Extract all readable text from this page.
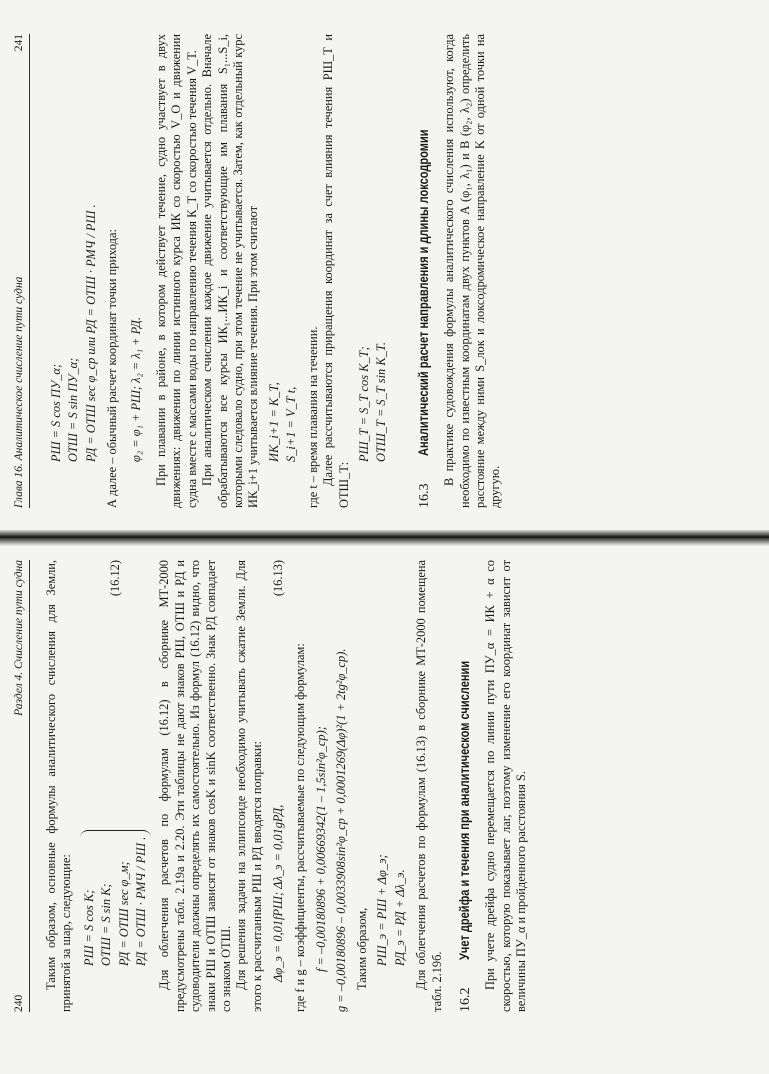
240
Раздел 4. Счисление пути судна Таким образом, основные формулы аналитического счисления для Земли, принятой за шар, следующие: РШ = S cos K; ОТШ = S sin K; РД = ОТШ sec φ_м; РД = ОТШ · РМЧ / РШ .
(16.12)	Для облегчения расчетов по формулам (16.12) в сборнике МТ-2000 предусмотрены табл. 2.19а и 2.20. Эти таблицы не дают знаков РШ, ОТШ и РД и судоводители должны определять их самостоятельно. Из формул (16.12) видно, что знаки РШ и ОТШ зависят от знаков cosK и sinK соответственно. Знак РД совпадает со знаком ОТШ. Для решения задачи на эллипсоиде необходимо учитывать сжатие Земли. Для этого к рассчитанным РШ и РД вводятся поправки: Δφ_э = 0,01fРШ; Δλ_э = 0,01gРД,
(16.13)

где f и g – коэффициенты, рассчитываемые по следующим формулам: f = –0,00180896 + 0,00669342(1 – 1,5sin²φ_ср); g = –0,00180896 – 0,0033908sin²φ_ср + 0,0001269(Δφ)²(1 + 2tg²φ_ср). Таким образом, РШ_э = РШ + Δφ_э; РД_э = РД + Δλ_э. Для облегчения расчетов по формулам (16.13) в сборнике МТ-2000 помещена табл. 2.19б. 16.2
Учет дрейфа и течения при аналитическом счислении При учете дрейфа судно перемещается по линии пути ПУ_α = ИК + α со скоростью, которую показывает лаг, поэтому изменение его координат зависит от величины ПУ_α и пройденного расстояния S.

Глава 16. Аналитическое счисление пути судна
241
РШ = S cos ПУ_α; ОТШ = S sin ПУ_α; РД = ОТШ sec φ_ср или РД = ОТШ · РМЧ / РШ . А далее – обычный расчет координат точки прихода: φ₂ = φ₁ + РШ; λ₂ = λ₁ + РД. При плавании в районе, в котором действует течение, судно участвует в двух движениях: движении по линии истинного курса ИК со скоростью V_О и движении судна вместе с массами воды по направлению течения К_Т со скоростью течения V_Т. При аналитическом счислении каждое движение учитывается отдельно. Вначале обрабатываются все курсы ИК₁...ИК_i и соответствующие им плавания S₁...S_i, которыми следовало судно, при этом течение не учитывается. Затем, как отдельный курс ИК_i+1 учитывается влияние течения. При этом считают ИК_i+1 = К_Т, S_i+1 = V_Т t, где t – время плавания на течении. Далее рассчитываются приращения координат за счет влияния течения РШ_Т и ОТШ_Т:

РШ_Т = S_Т cos К_Т; ОТШ_Т = S_Т sin К_Т.
16.3
Аналитический расчет направления и длины локсодромии В практике судовождения формулы аналитического счисления используют, когда необходимо по известным координатам двух пунктов A (φ₁, λ₁) и B (φ₂, λ₂) определить расстояние между ними S_лок и локсодромическое направление K от одной точки на другую.
